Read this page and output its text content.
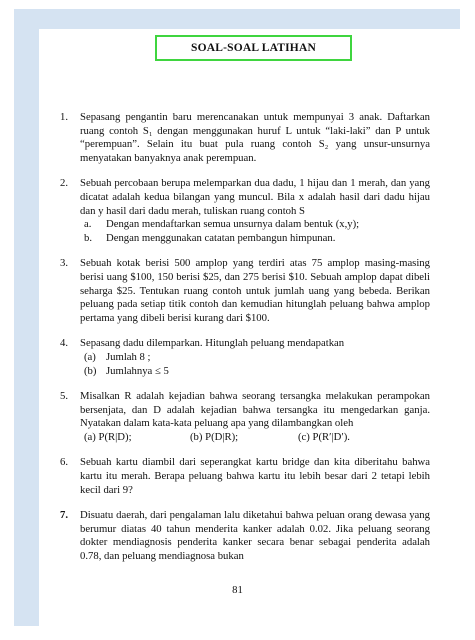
SOAL-SOAL LATIHAN
1.	Sepasang pengantin baru merencanakan untuk mempunyai 3 anak. Daftarkan ruang contoh S₁ dengan menggunakan huruf L untuk “laki-laki” dan P untuk “perempuan”. Selain itu buat pula ruang contoh S₂ yang unsur-unsurnya menyatakan banyaknya anak perempuan.
2.	Sebuah percobaan berupa melemparkan dua dadu, 1 hijau dan 1 merah, dan yang dicatat adalah kedua bilangan yang muncul. Bila x adalah hasil dari dadu hijau dan y hasil dari dadu merah, tuliskan ruang contoh S
a.	Dengan mendaftarkan semua unsurnya dalam bentuk (x,y);
b.	Dengan menggunakan catatan pembangun himpunan.
3.	Sebuah kotak berisi 500 amplop yang terdiri atas 75 amplop masing-masing berisi uang $100, 150 berisi $25, dan 275 berisi $10. Sebuah amplop dapat dibeli seharga $25. Tentukan ruang contoh untuk jumlah uang yang bebeda. Berikan peluang pada setiap titik contoh dan kemudian hitunglah peluang bahwa amplop pertama yang dibeli berisi kurang dari $100.
4.	Sepasang dadu dilemparkan. Hitunglah peluang mendapatkan
(a) Jumlah 8 ;
(b) Jumlahnya ≤ 5
5.	Misalkan R adalah kejadian bahwa seorang tersangka melakukan perampokan bersenjata, dan D adalah kejadian bahwa tersangka itu mengedarkan ganja. Nyatakan dalam kata-kata peluang apa yang dilambangkan oleh
(a) P(R|D);	(b) P(D|R);	(c) P(R′|D′).
6.	Sebuah kartu diambil dari seperangkat kartu bridge dan kita diberitahu bahwa kartu itu merah. Berapa peluang bahwa kartu itu lebih besar dari 2 tetapi lebih kecil dari 9?
7.	Disuatu daerah, dari pengalaman lalu diketahui bahwa peluan orang dewasa yang berumur diatas 40 tahun menderita kanker adalah 0.02. Jika peluang seorang dokter mendiagnosis penderita kanker secara benar sebagai penderita adalah 0.78, dan peluang mendiagnosa bukan
81
